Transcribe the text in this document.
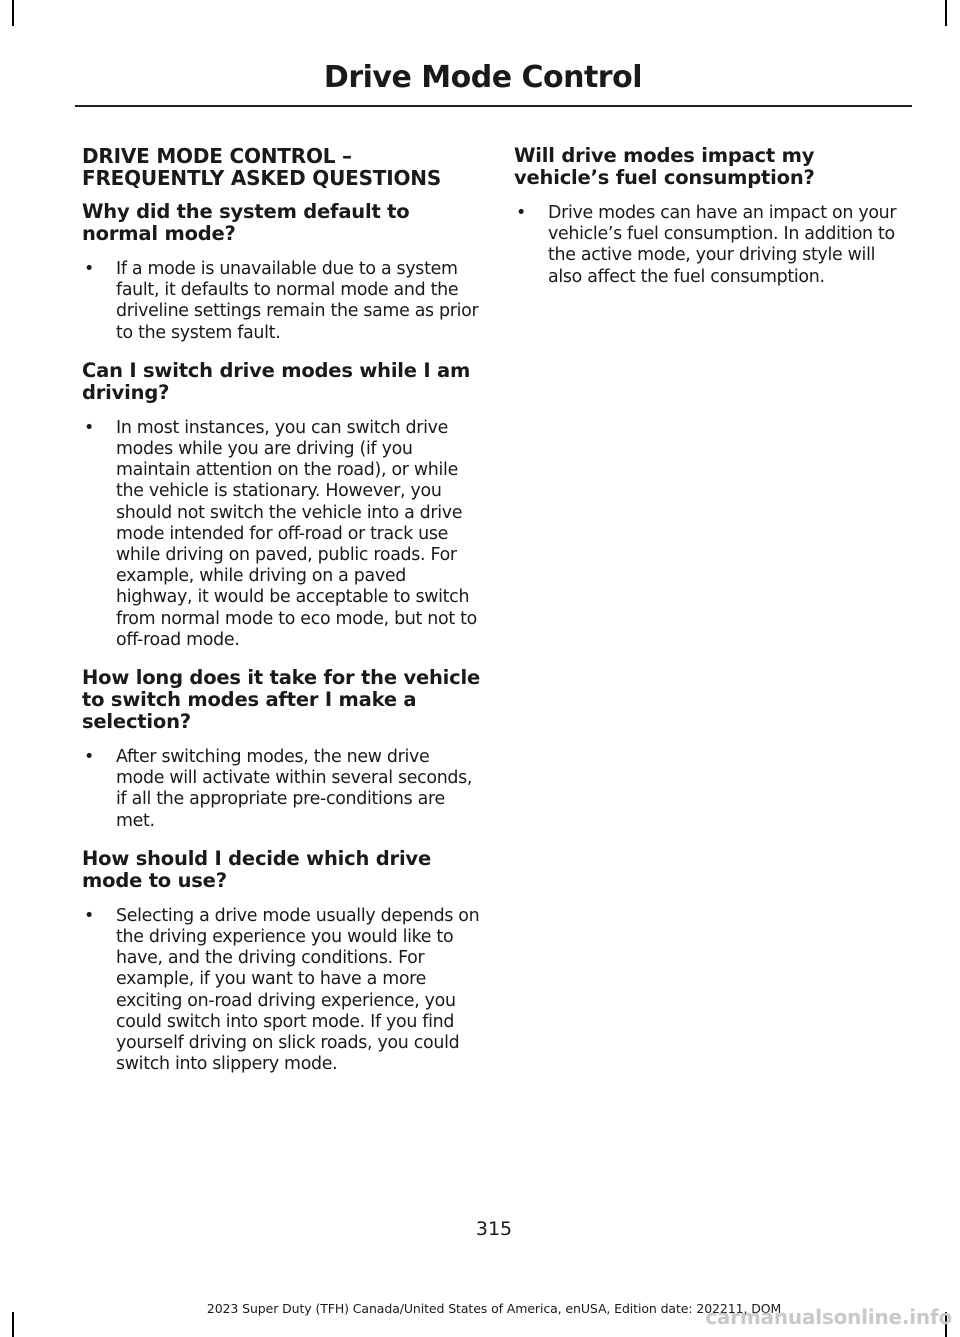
Drive Mode Control
DRIVE MODE CONTROL – FREQUENTLY ASKED QUESTIONS
Why did the system default to normal mode?
• If a mode is unavailable due to a system fault, it defaults to normal mode and the driveline settings remain the same as prior to the system fault.
Can I switch drive modes while I am driving?
• In most instances, you can switch drive modes while you are driving (if you maintain attention on the road), or while the vehicle is stationary. However, you should not switch the vehicle into a drive mode intended for off-road or track use while driving on paved, public roads. For example, while driving on a paved highway, it would be acceptable to switch from normal mode to eco mode, but not to off-road mode.
How long does it take for the vehicle to switch modes after I make a selection?
• After switching modes, the new drive mode will activate within several seconds, if all the appropriate pre-conditions are met.
How should I decide which drive mode to use?
• Selecting a drive mode usually depends on the driving experience you would like to have, and the driving conditions. For example, if you want to have a more exciting on-road driving experience, you could switch into sport mode. If you find yourself driving on slick roads, you could switch into slippery mode.
Will drive modes impact my vehicle’s fuel consumption?
• Drive modes can have an impact on your vehicle’s fuel consumption. In addition to the active mode, your driving style will also affect the fuel consumption.
315
2023 Super Duty (TFH) Canada/United States of America, enUSA, Edition date: 202211, DOM
carmanualsonline.info
